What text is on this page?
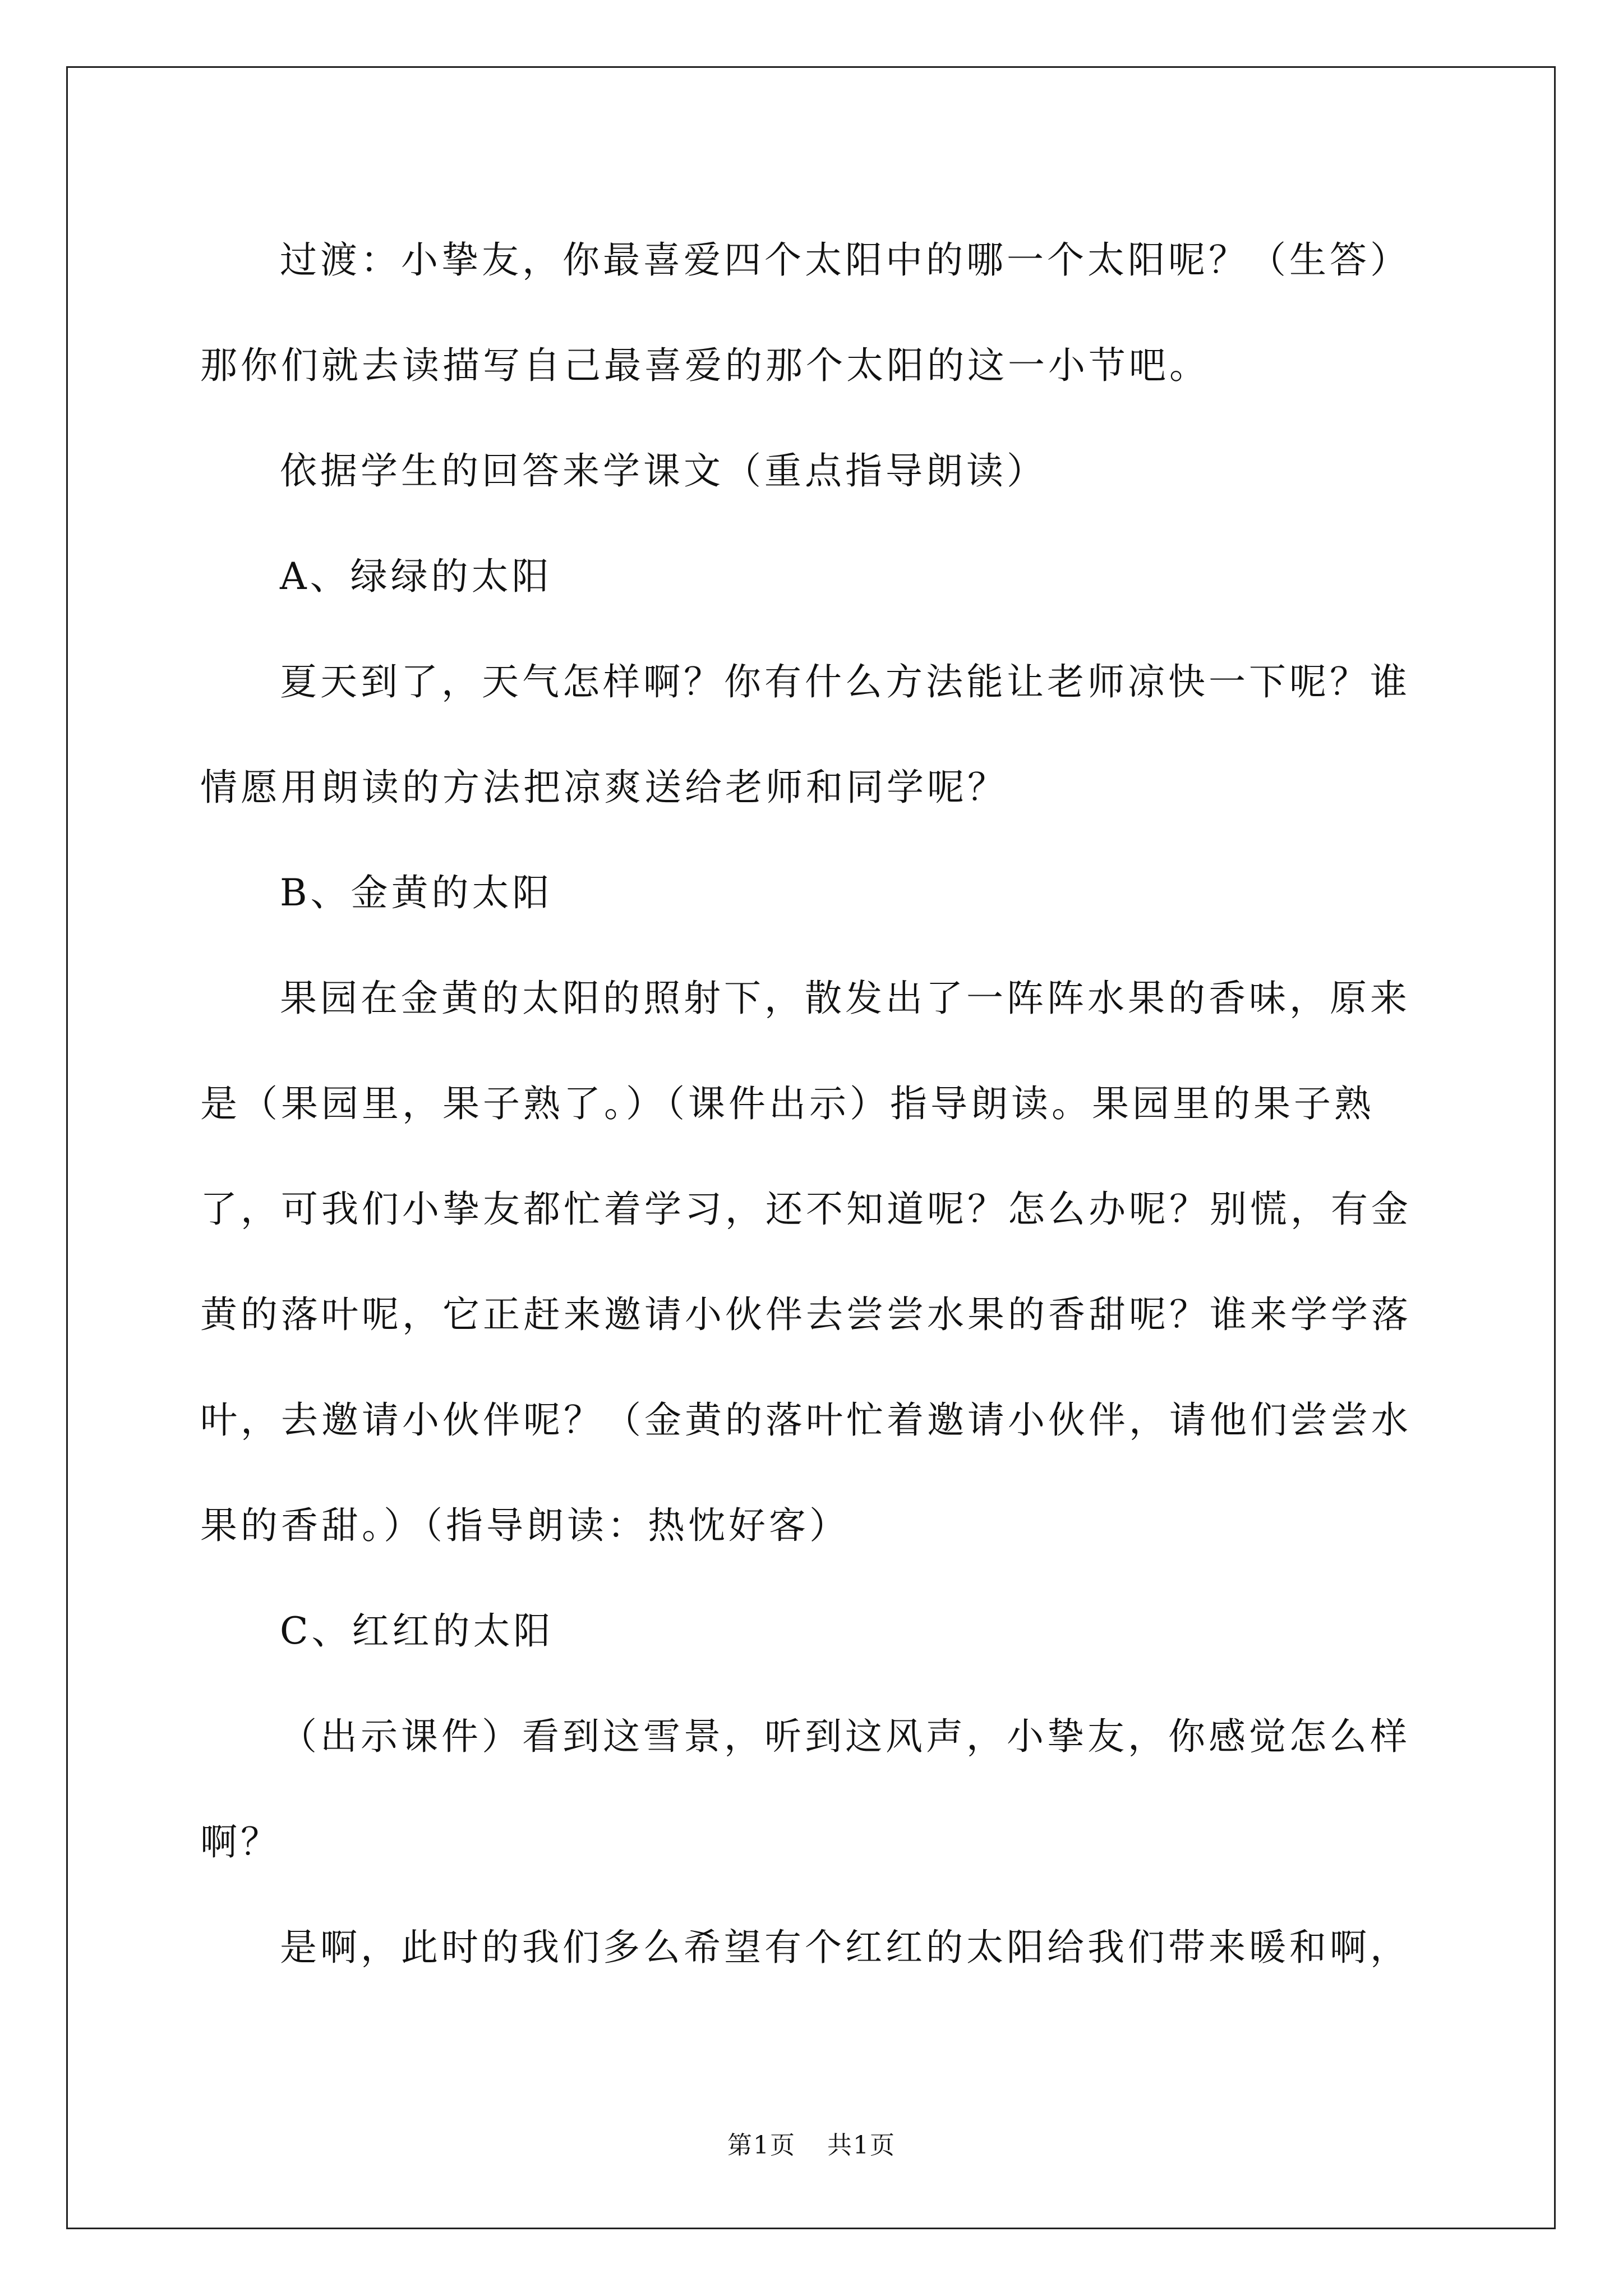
过渡：小挚友，你最喜爱四个太阳中的哪一个太阳呢？（生答）那你们就去读描写自己最喜爱的那个太阳的这一小节吧。

依据学生的回答来学课文（重点指导朗读）

A、绿绿的太阳

夏天到了，天气怎样啊？你有什么方法能让老师凉快一下呢？谁情愿用朗读的方法把凉爽送给老师和同学呢？

B、金黄的太阳

果园在金黄的太阳的照射下，散发出了一阵阵水果的香味，原来是（果园里，果子熟了。）（课件出示）指导朗读。果园里的果子熟了，可我们小挚友都忙着学习，还不知道呢？怎么办呢？别慌，有金黄的落叶呢，它正赶来邀请小伙伴去尝尝水果的香甜呢？谁来学学落叶，去邀请小伙伴呢？（金黄的落叶忙着邀请小伙伴，请他们尝尝水果的香甜。）（指导朗读：热忱好客）

C、红红的太阳

（出示课件）看到这雪景，听到这风声，小挚友，你感觉怎么样啊？

是啊，此时的我们多么希望有个红红的太阳给我们带来暖和啊，

第1页 共1页
